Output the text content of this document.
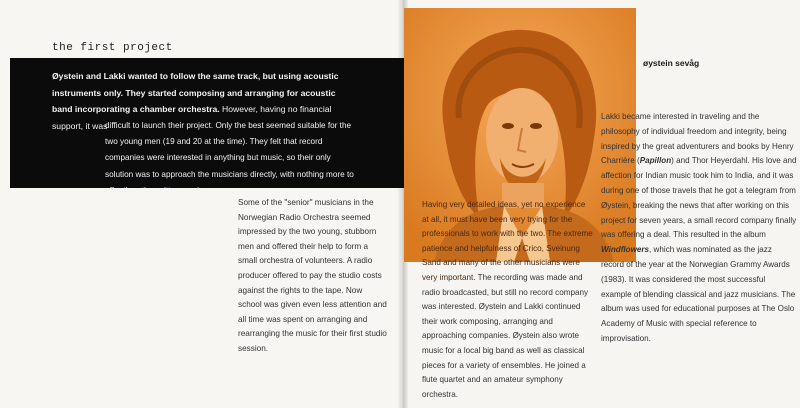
the first project
Øystein and Lakki wanted to follow the same track, but using acoustic instruments only. They started composing and arranging for acoustic band incorporating a chamber orchestra. However, having no financial support, it was
difficult to launch their project. Only the best seemed suitable for the two young men (19 and 20 at the time). They felt that record companies were interested in anything but music, so their only solution was to approach the musicians directly, with nothing more to offer than the written music.
Some of the "senior" musicians in the Norwegian Radio Orchestra seemed impressed by the two young, stubborn men and offered their help to form a small orchestra of volunteers. A radio producer offered to pay the studio costs against the rights to the tape. Now school was given even less attention and all time was spent on arranging and rearranging the music for their first studio session.
Having very detailed ideas, yet no experience at all, it must have been very trying for the professionals to work with the two. The extreme patience and helpfulness of Crico, Sveinung Sand and many of the other musicians were very important. The recording was made and radio broadcasted, but still no record company was interested. Øystein and Lakki continued their work composing, arranging and approaching companies. Øystein also wrote music for a local big band as well as classical pieces for a variety of ensembles. He joined a flute quartet and an amateur symphony orchestra.
øystein sevåg
Lakki became interested in traveling and the philosophy of individual freedom and integrity, being inspired by the great adventurers and books by Henry Charrière (Papillon) and Thor Heyerdahl. His love and affection for Indian music took him to India, and it was during one of those travels that he got a telegram from Øystein, breaking the news that after working on this project for seven years, a small record company finally was offering a deal. This resulted in the album Windflowers, which was nominated as the jazz record of the year at the Norwegian Grammy Awards (1983). It was considered the most successful example of blending classical and jazz musicians. The album was used for educational purposes at The Oslo Academy of Music with special reference to improvisation.
